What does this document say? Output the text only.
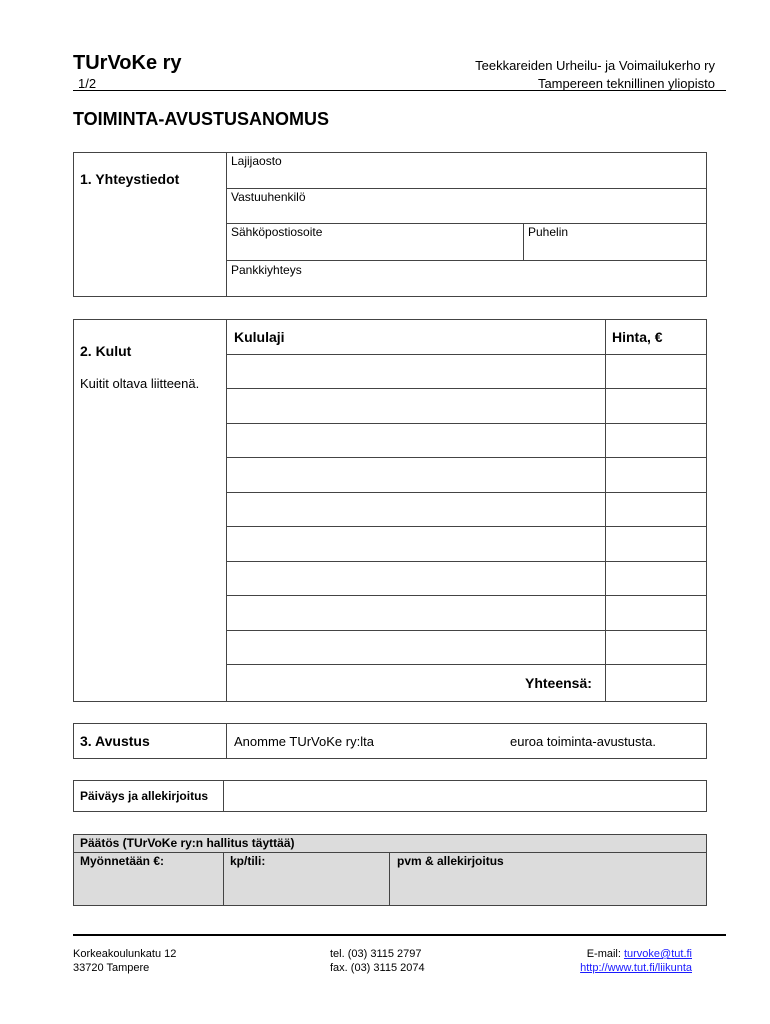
TUrVoKe ry
1/2
Teekkareiden Urheilu- ja Voimailukerho ry
Tampereen teknillinen yliopisto
TOIMINTA-AVUSTUSANOMUS
1. Yhteystiedot
Lajijaosto
Vastuuhenkilö
Sähköpostiosoite	Puhelin
Pankkiyhteys
2. Kulut
Kuitit oltava liitteenä.
Kululaji	Hinta, €
Yhteensä:
3. Avustus	Anomme TUrVoKe ry:lta	euroa toiminta-avustusta.
Päiväys ja allekirjoitus
Päätös (TUrVoKe ry:n hallitus täyttää)
Myönnetään €:	kp/tili:	pvm & allekirjoitus
Korkeakoulunkatu 12
33720 Tampere
tel. (03) 3115 2797
fax. (03) 3115 2074
E-mail: turvoke@tut.fi
http://www.tut.fi/liikunta
